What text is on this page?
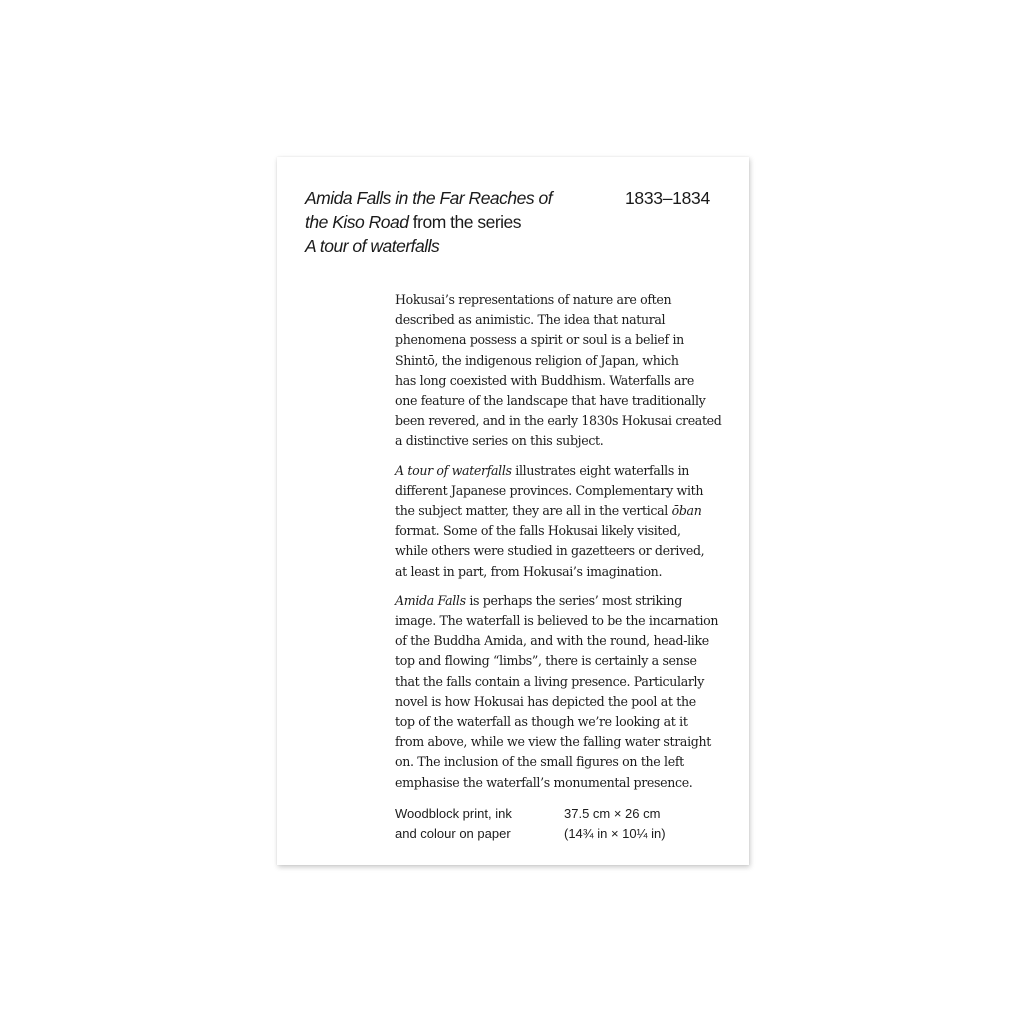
Amida Falls in the Far Reaches of
the Kiso Road from the series
A tour of waterfalls
1833–1834
Hokusai’s representations of nature are often
described as animistic. The idea that natural
phenomena possess a spirit or soul is a belief in
Shintō, the indigenous religion of Japan, which
has long coexisted with Buddhism. Waterfalls are
one feature of the landscape that have traditionally
been revered, and in the early 1830s Hokusai created
a distinctive series on this subject.
A tour of waterfalls illustrates eight waterfalls in
different Japanese provinces. Complementary with
the subject matter, they are all in the vertical ōban
format. Some of the falls Hokusai likely visited,
while others were studied in gazetteers or derived,
at least in part, from Hokusai’s imagination.
Amida Falls is perhaps the series’ most striking
image. The waterfall is believed to be the incarnation
of the Buddha Amida, and with the round, head-like
top and flowing “limbs”, there is certainly a sense
that the falls contain a living presence. Particularly
novel is how Hokusai has depicted the pool at the
top of the waterfall as though we’re looking at it
from above, while we view the falling water straight
on. The inclusion of the small figures on the left
emphasise the waterfall’s monumental presence.
Woodblock print, ink
and colour on paper
37.5 cm × 26 cm
(14¾ in × 10¼ in)
